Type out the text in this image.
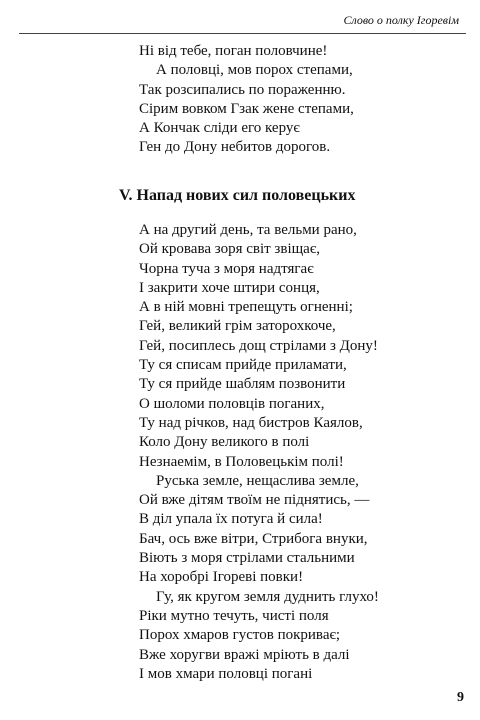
Слово о полку Ігоревім

Ні від тебе, поган половчине!
А половці, мов порох степами,
Так розсипались по пораженню.
Сірим вовком Гзак жене степами,
А Кончак сліди его керує
Ген до Дону небитов дорогов.
V. Напад нових сил половецьких
А на другий день, та вельми рано,
Ой кровава зоря світ звіщає,
Чорна туча з моря надтягає
І закрити хоче штири сонця,
А в ній мовні трепещуть огненні;
Гей, великий грім заторохкоче,
Гей, посиплесь дощ стрілами з Дону!
Ту ся списам прийде приламати,
Ту ся прийде шаблям позвонити
О шоломи половців поганих,
Ту над річков, над бистров Каялов,
Коло Дону великого в полі
Незнаемім, в Половецькім полі!
Руська земле, нещаслива земле,
Ой вже дітям твоїм не піднятись, —
В діл упала їх потуга й сила!
Бач, ось вже вітри, Стрибога внуки,
Віють з моря стрілами стальними
На хоробрі Ігореві повки!
Гу, як кругом земля дуднить глухо!
Ріки мутно течуть, чисті поля
Порох хмаров густов покриває;
Вже хоругви вражі мріють в далі
І мов хмари половці погані

9
